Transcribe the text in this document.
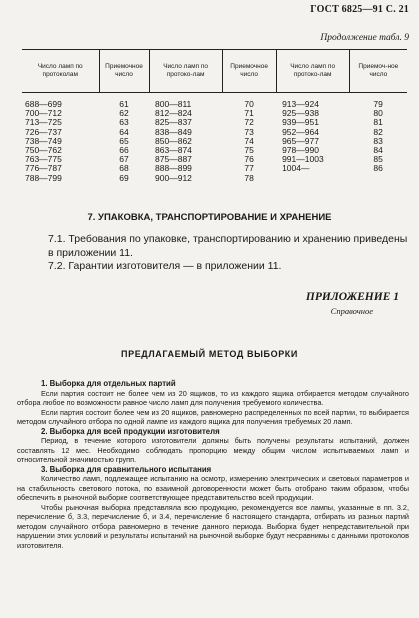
ГОСТ 6825—91 С. 21
Продолжение табл. 9
Число ламп по протоколам	Приемочное число	Число ламп по протоко-лам	Приемочное число	Число ламп по протоко-лам	Приемоч-ное число
688—699	61	800—811	70	913—924	79
700—712	62	812—824	71	925—938	80
713—725	63	825—837	72	939—951	81
726—737	64	838—849	73	952—964	82
738—749	65	850—862	74	965—977	83
750—762	66	863—874	75	978—990	84
763—775	67	875—887	76	991—1003	85
776—787	68	888—899	77	1004—	86
788—799	69	900—912	78		
7. УПАКОВКА, ТРАНСПОРТИРОВАНИЕ И ХРАНЕНИЕ
7.1. Требования по упаковке, транспортированию и хранению приведены в приложении 11.
7.2. Гарантии изготовителя — в приложении 11.
ПРИЛОЖЕНИЕ 1
Справочное
ПРЕДЛАГАЕМЫЙ МЕТОД ВЫБОРКИ
1. Выборка для отдельных партий
Если партия состоит не более чем из 20 ящиков, то из каждого ящика отбирается методом случайного отбора любое по возможности равное число ламп для получения требуемого количества.
Если партия состоит более чем из 20 ящиков, равномерно распределенных по всей партии, то выбирается методом случайного отбора по одной лампе из каждого ящика для получения требуемых 20 ламп.
2. Выборка для всей продукции изготовителя
Период, в течение которого изготовители должны быть получены результаты испытаний, должен составлять 12 мес. Необходимо соблюдать пропорцию между общим числом испытываемых ламп и относительной значимостью групп.
3. Выборка для сравнительного испытания
Количество ламп, подлежащее испытанию на осмотр, измерению электрических и световых параметров и на стабильность светового потока, по взаимной договоренности может быть отобрано таким образом, чтобы обеспечить в рыночной выборке соответствующее представительство всей продукции.
Чтобы рыночная выборка представляла всю продукцию, рекомендуется все лампы, указанные в пп. 3.2, перечисление б, 3.3, перечисление б, и 3.4, перечисление б настоящего стандарта, отбирать из разных партий методом случайного отбора равномерно в течение данного периода. Выборка будет непредставительной при нарушении этих условий и результаты испытаний на рыночной выборке будут несравнимы с данными протоколов изготовителя.
